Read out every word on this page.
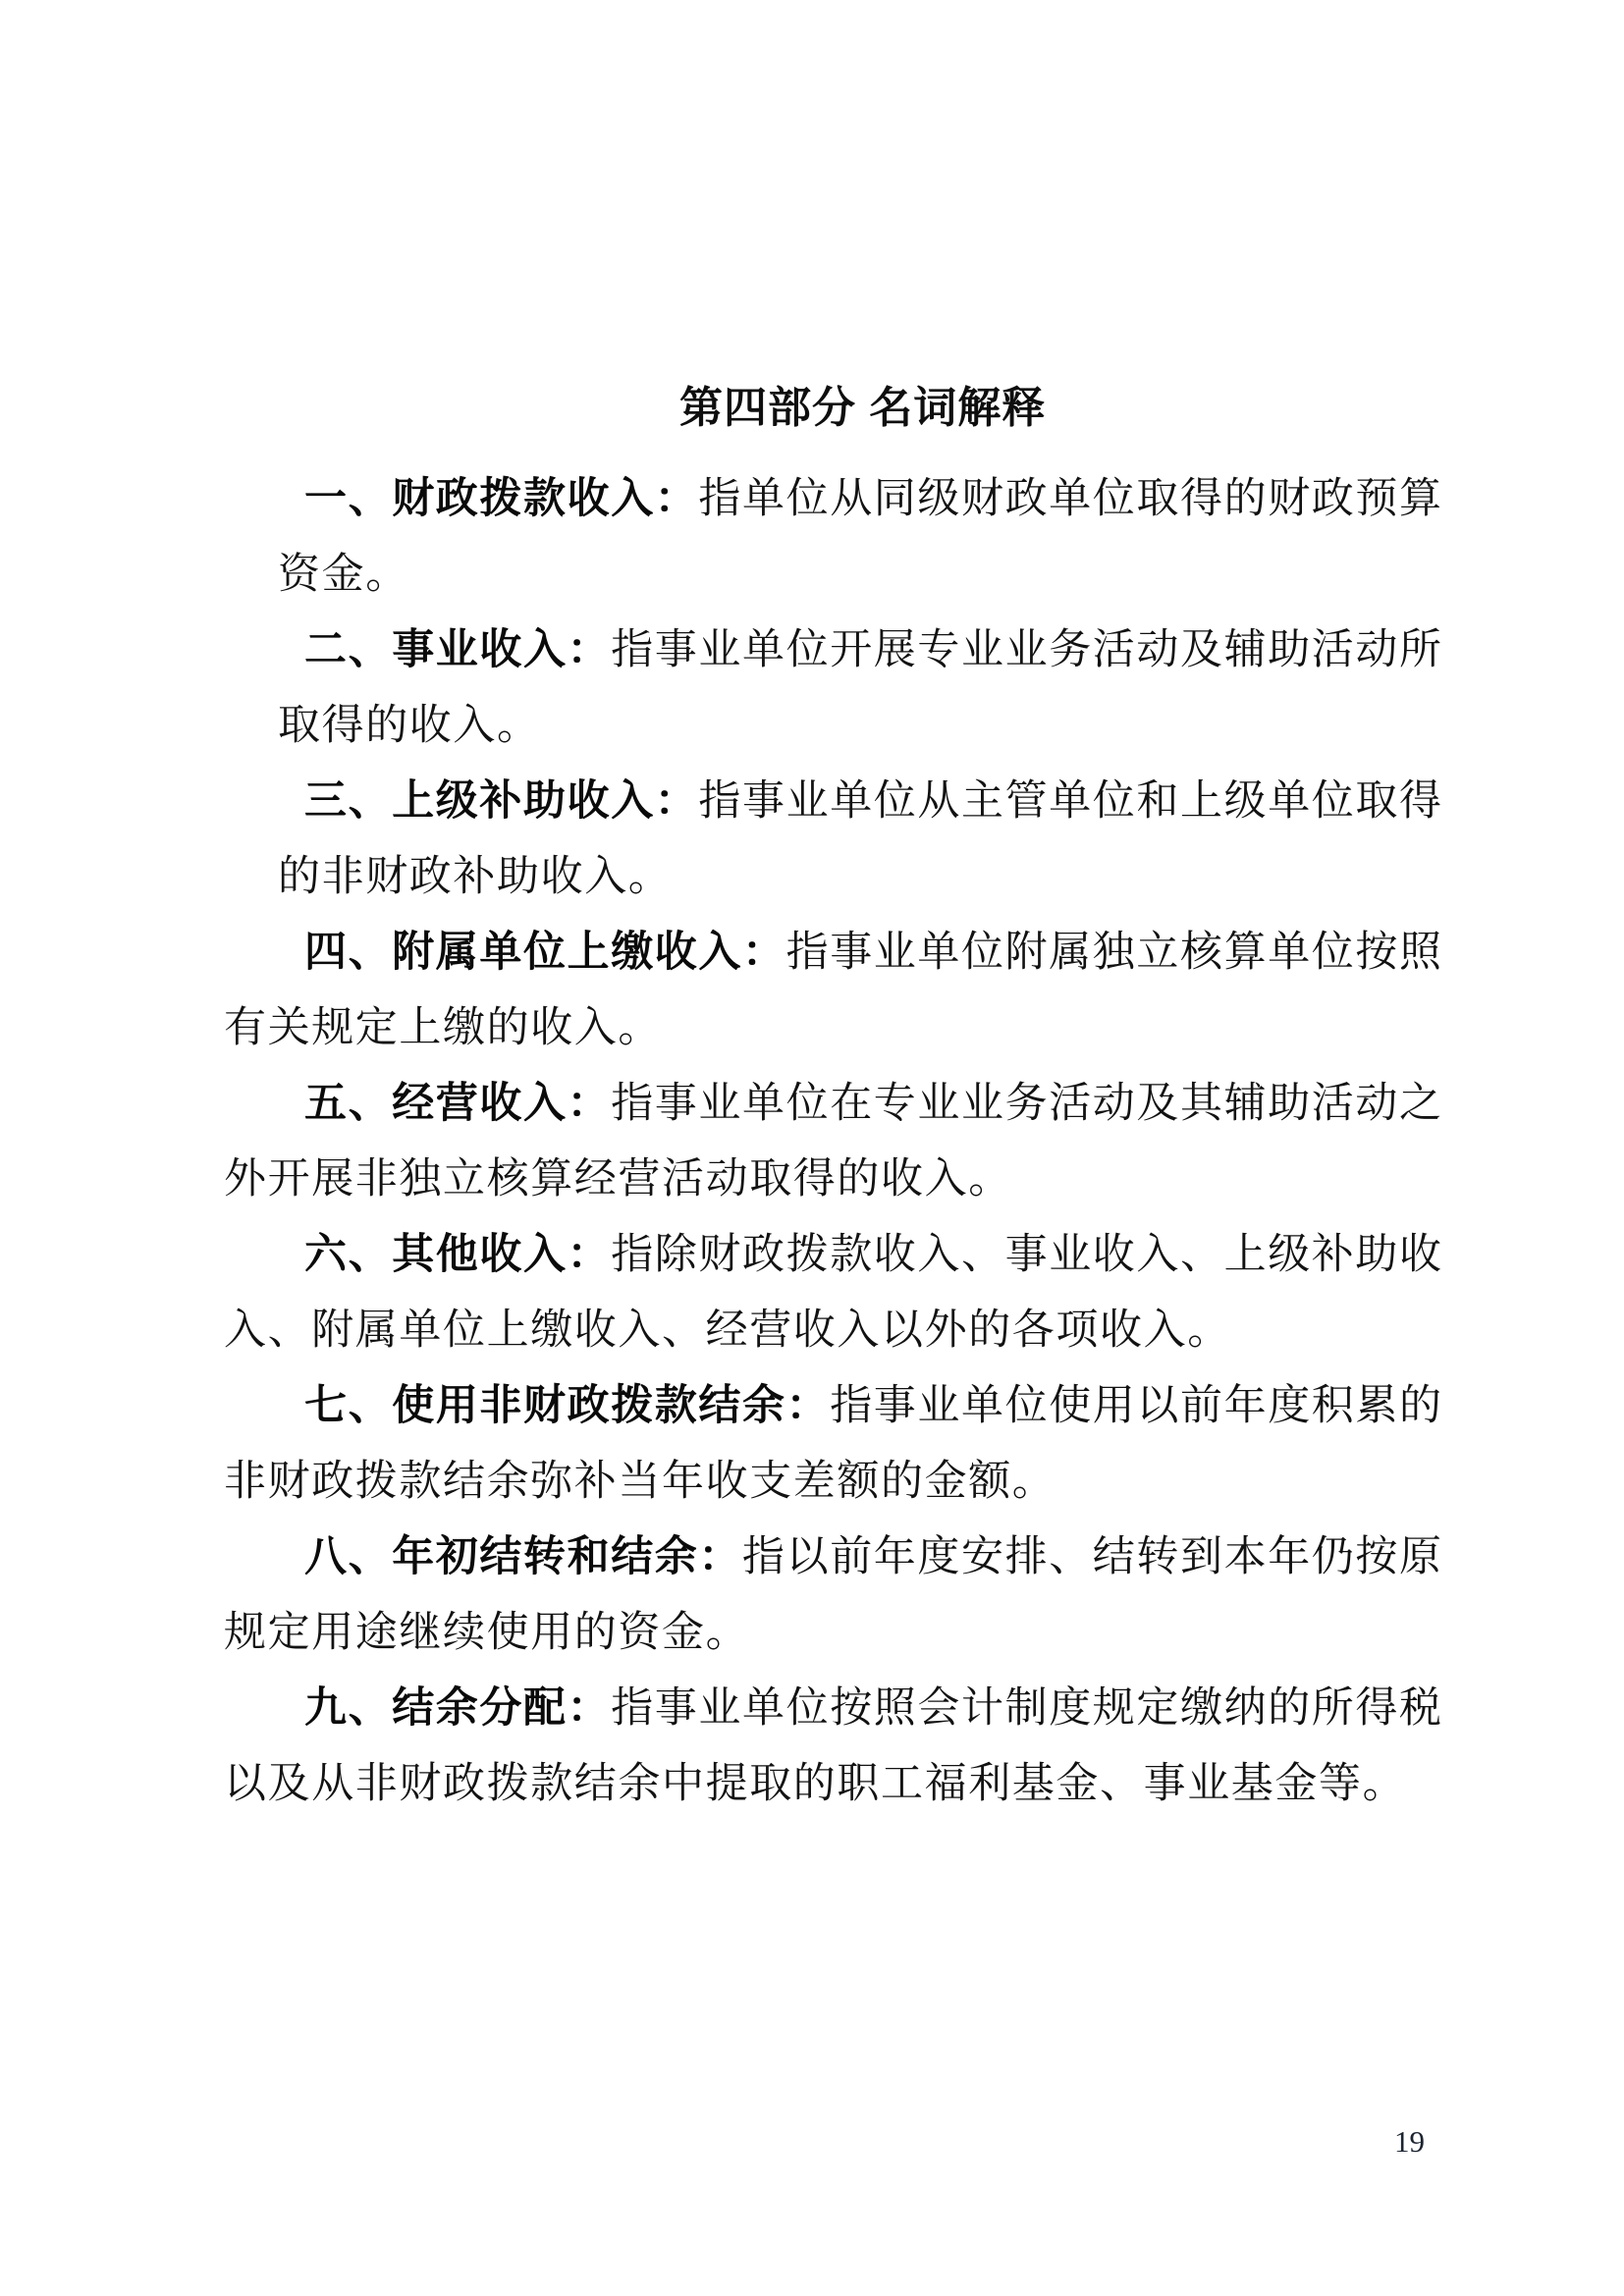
第四部分 名词解释
一、财政拨款收入：指单位从同级财政单位取得的财政预算
资金。
二、事业收入：指事业单位开展专业业务活动及辅助活动所
取得的收入。
三、上级补助收入：指事业单位从主管单位和上级单位取得
的非财政补助收入。
四、附属单位上缴收入：指事业单位附属独立核算单位按照
有关规定上缴的收入。
五、经营收入：指事业单位在专业业务活动及其辅助活动之
外开展非独立核算经营活动取得的收入。
六、其他收入：指除财政拨款收入、事业收入、上级补助收
入、附属单位上缴收入、经营收入以外的各项收入。
七、使用非财政拨款结余：指事业单位使用以前年度积累的
非财政拨款结余弥补当年收支差额的金额。
八、年初结转和结余：指以前年度安排、结转到本年仍按原
规定用途继续使用的资金。
九、结余分配：指事业单位按照会计制度规定缴纳的所得税
以及从非财政拨款结余中提取的职工福利基金、事业基金等。
19
